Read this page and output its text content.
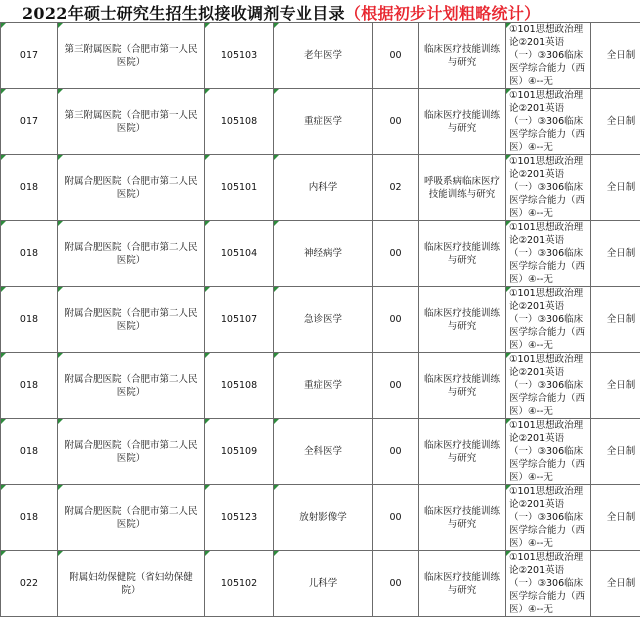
2022年硕士研究生招生拟接收调剂专业目录（根据初步计划粗略统计）
017	第三附属医院（合肥市第一人民医院）	105103	老年医学	00	临床医疗技能训练与研究	①101思想政治理
论②201英语
（一）③306临床
医学综合能力（西
医）④--无	全日制

017	第三附属医院（合肥市第一人民医院）	105108	重症医学	00	临床医疗技能训练与研究	①101思想政治理
论②201英语
（一）③306临床
医学综合能力（西
医）④--无	全日制

018	附属合肥医院（合肥市第二人民医院）	105101	内科学	02	呼吸系病临床医疗技能训练与研究	①101思想政治理
论②201英语
（一）③306临床
医学综合能力（西
医）④--无	全日制

018	附属合肥医院（合肥市第二人民医院）	105104	神经病学	00	临床医疗技能训练与研究	①101思想政治理
论②201英语
（一）③306临床
医学综合能力（西
医）④--无	全日制

018	附属合肥医院（合肥市第二人民医院）	105107	急诊医学	00	临床医疗技能训练与研究	①101思想政治理
论②201英语
（一）③306临床
医学综合能力（西
医）④--无	全日制

018	附属合肥医院（合肥市第二人民医院）	105108	重症医学	00	临床医疗技能训练与研究	①101思想政治理
论②201英语
（一）③306临床
医学综合能力（西
医）④--无	全日制

018	附属合肥医院（合肥市第二人民医院）	105109	全科医学	00	临床医疗技能训练与研究	①101思想政治理
论②201英语
（一）③306临床
医学综合能力（西
医）④--无	全日制

018	附属合肥医院（合肥市第二人民医院）	105123	放射影像学	00	临床医疗技能训练与研究	①101思想政治理
论②201英语
（一）③306临床
医学综合能力（西
医）④--无	全日制

022	附属妇幼保健院（省妇幼保健院）	105102	儿科学	00	临床医疗技能训练与研究	①101思想政治理
论②201英语
（一）③306临床
医学综合能力（西
医）④--无	全日制
